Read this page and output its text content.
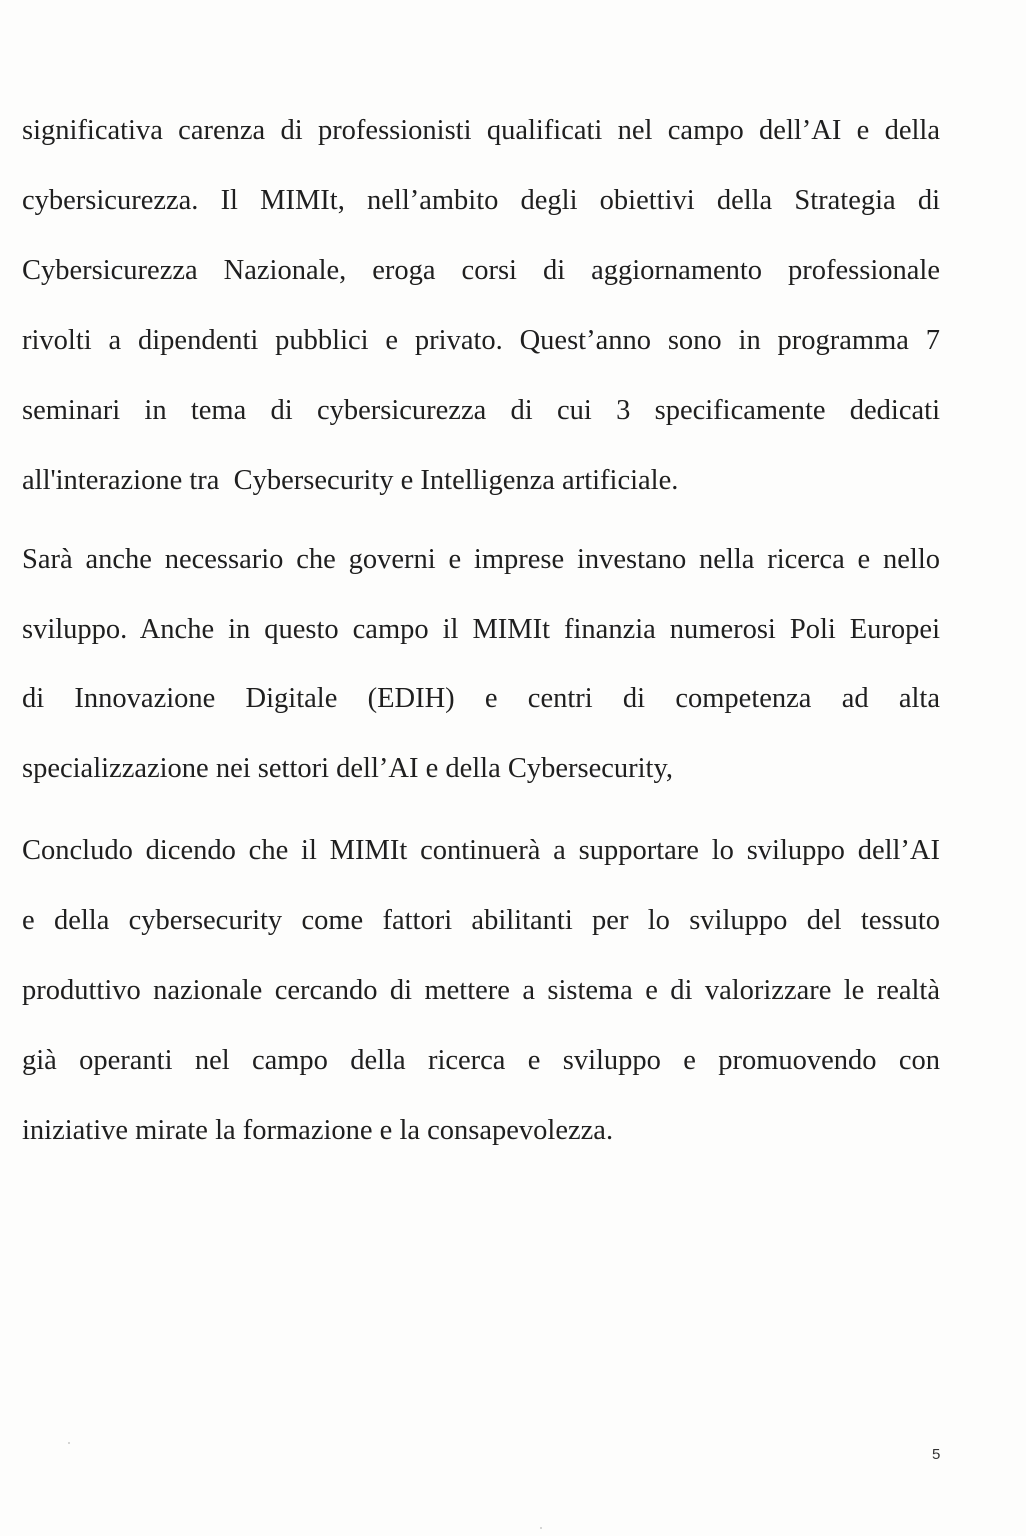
significativa carenza di professionisti qualificati nel campo dell’AI e della
cybersicurezza. Il MIMIt, nell’ambito degli obiettivi della Strategia di
Cybersicurezza Nazionale, eroga corsi di aggiornamento professionale
rivolti a dipendenti pubblici e privato. Quest’anno sono in programma 7
seminari in tema di cybersicurezza di cui 3 specificamente dedicati
all'interazione tra  Cybersecurity e Intelligenza artificiale.
Sarà anche necessario che governi e imprese investano nella ricerca e nello
sviluppo. Anche in questo campo il MIMIt finanzia numerosi Poli Europei
di Innovazione Digitale (EDIH) e centri di competenza ad alta
specializzazione nei settori dell’AI e della Cybersecurity,
Concludo dicendo che il MIMIt continuerà a supportare lo sviluppo dell’AI
e della cybersecurity come fattori abilitanti per lo sviluppo del tessuto
produttivo nazionale cercando di mettere a sistema e di valorizzare le realtà
già operanti nel campo della ricerca e sviluppo e promuovendo con
iniziative mirate la formazione e la consapevolezza.
5
